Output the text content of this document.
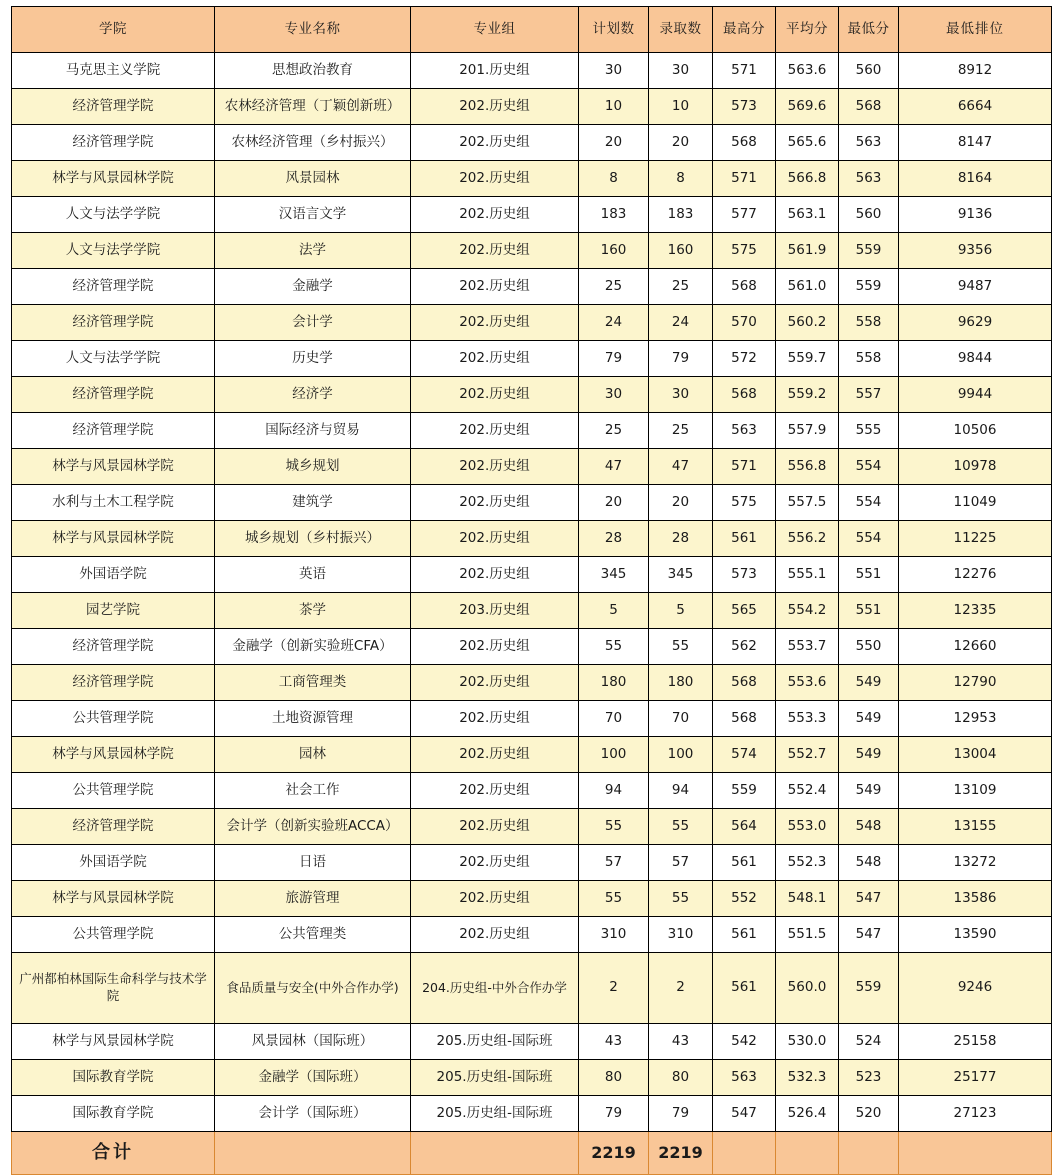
学院	专业名称	专业组	计划数	录取数	最高分	平均分	最低分	最低排位
马克思主义学院	思想政治教育	201.历史组	30	30	571	563.6	560	8912
经济管理学院	农林经济管理（丁颖创新班）	202.历史组	10	10	573	569.6	568	6664
经济管理学院	农林经济管理（乡村振兴）	202.历史组	20	20	568	565.6	563	8147
林学与风景园林学院	风景园林	202.历史组	8	8	571	566.8	563	8164
人文与法学学院	汉语言文学	202.历史组	183	183	577	563.1	560	9136
人文与法学学院	法学	202.历史组	160	160	575	561.9	559	9356
经济管理学院	金融学	202.历史组	25	25	568	561.0	559	9487
经济管理学院	会计学	202.历史组	24	24	570	560.2	558	9629
人文与法学学院	历史学	202.历史组	79	79	572	559.7	558	9844
经济管理学院	经济学	202.历史组	30	30	568	559.2	557	9944
经济管理学院	国际经济与贸易	202.历史组	25	25	563	557.9	555	10506
林学与风景园林学院	城乡规划	202.历史组	47	47	571	556.8	554	10978
水利与土木工程学院	建筑学	202.历史组	20	20	575	557.5	554	11049
林学与风景园林学院	城乡规划（乡村振兴）	202.历史组	28	28	561	556.2	554	11225
外国语学院	英语	202.历史组	345	345	573	555.1	551	12276
园艺学院	茶学	203.历史组	5	5	565	554.2	551	12335
经济管理学院	金融学（创新实验班CFA）	202.历史组	55	55	562	553.7	550	12660
经济管理学院	工商管理类	202.历史组	180	180	568	553.6	549	12790
公共管理学院	土地资源管理	202.历史组	70	70	568	553.3	549	12953
林学与风景园林学院	园林	202.历史组	100	100	574	552.7	549	13004
公共管理学院	社会工作	202.历史组	94	94	559	552.4	549	13109
经济管理学院	会计学（创新实验班ACCA）	202.历史组	55	55	564	553.0	548	13155
外国语学院	日语	202.历史组	57	57	561	552.3	548	13272
林学与风景园林学院	旅游管理	202.历史组	55	55	552	548.1	547	13586
公共管理学院	公共管理类	202.历史组	310	310	561	551.5	547	13590
广州都柏林国际生命科学与技术学院	食品质量与安全(中外合作办学)	204.历史组-中外合作办学	2	2	561	560.0	559	9246
林学与风景园林学院	风景园林（国际班）	205.历史组-国际班	43	43	542	530.0	524	25158
国际教育学院	金融学（国际班）	205.历史组-国际班	80	80	563	532.3	523	25177
国际教育学院	会计学（国际班）	205.历史组-国际班	79	79	547	526.4	520	27123
合计			2219	2219				
